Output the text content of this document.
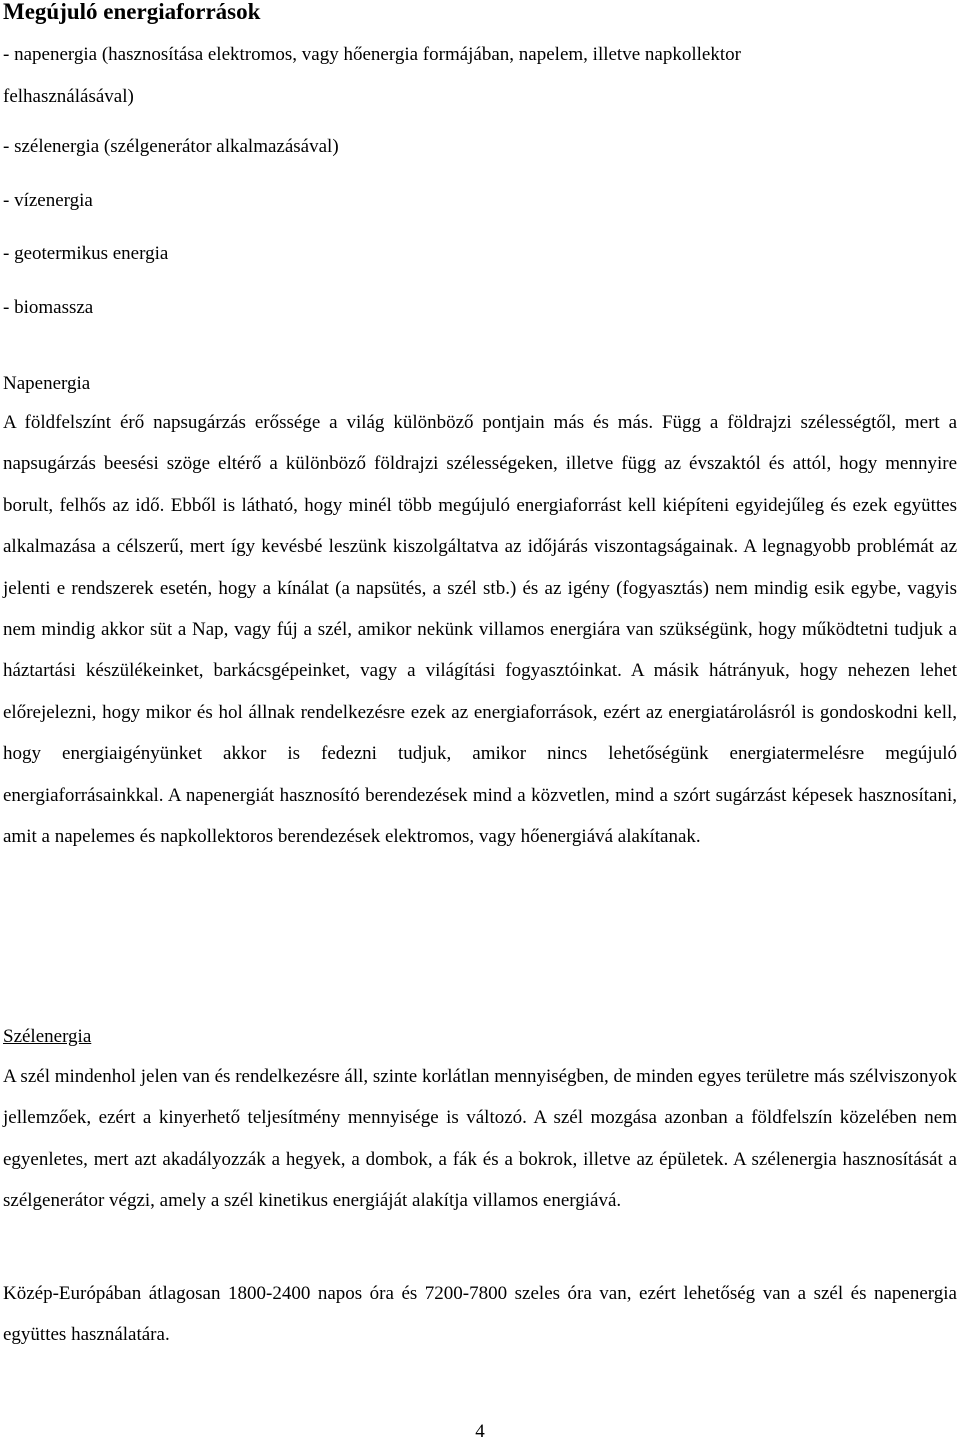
Megújuló energiaforrások

- napenergia (hasznosítása elektromos, vagy hőenergia formájában, napelem, illetve napkollektor

felhasználásával)

- szélenergia (szélgenerátor alkalmazásával)

- vízenergia

- geotermikus energia

- biomassza

Napenergia

A földfelszínt érő napsugárzás erőssége a világ különböző pontjain más és más. Függ a földrajzi szélességtől, mert a napsugárzás beesési szöge eltérő a különböző földrajzi szélességeken, illetve függ az évszaktól és attól, hogy mennyire borult, felhős az idő. Ebből is látható, hogy minél több megújuló energiaforrást kell kiépíteni egyidejűleg és ezek együttes alkalmazása a célszerű, mert így kevésbé leszünk kiszolgáltatva az időjárás viszontagságainak. A legnagyobb problémát az jelenti e rendszerek esetén, hogy a kínálat (a napsütés, a szél stb.) és az igény (fogyasztás) nem mindig esik egybe, vagyis nem mindig akkor süt a Nap, vagy fúj a szél, amikor nekünk villamos energiára van szükségünk, hogy működtetni tudjuk a háztartási készülékeinket, barkácsgépeinket, vagy a világítási fogyasztóinkat. A másik hátrányuk, hogy nehezen lehet előrejelezni, hogy mikor és hol állnak rendelkezésre ezek az energiaforrások, ezért az energiatárolásról is gondoskodni kell, hogy energiaigényünket akkor is fedezni tudjuk, amikor nincs lehetőségünk energiatermelésre megújuló energiaforrásainkkal. A napenergiát hasznosító berendezések mind a közvetlen, mind a szórt sugárzást képesek hasznosítani, amit a napelemes és napkollektoros berendezések elektromos, vagy hőenergiává alakítanak.

Szélenergia

A szél mindenhol jelen van és rendelkezésre áll, szinte korlátlan mennyiségben, de minden egyes területre más szélviszonyok jellemzőek, ezért a kinyerhető teljesítmény mennyisége is változó. A szél mozgása azonban a földfelszín közelében nem egyenletes, mert azt akadályozzák a hegyek, a dombok, a fák és a bokrok, illetve az épületek. A szélenergia hasznosítását a szélgenerátor végzi, amely a szél kinetikus energiáját alakítja villamos energiává.

Közép-Európában átlagosan 1800-2400 napos óra és 7200-7800 szeles óra van, ezért lehetőség van a szél és napenergia együttes használatára.

4
